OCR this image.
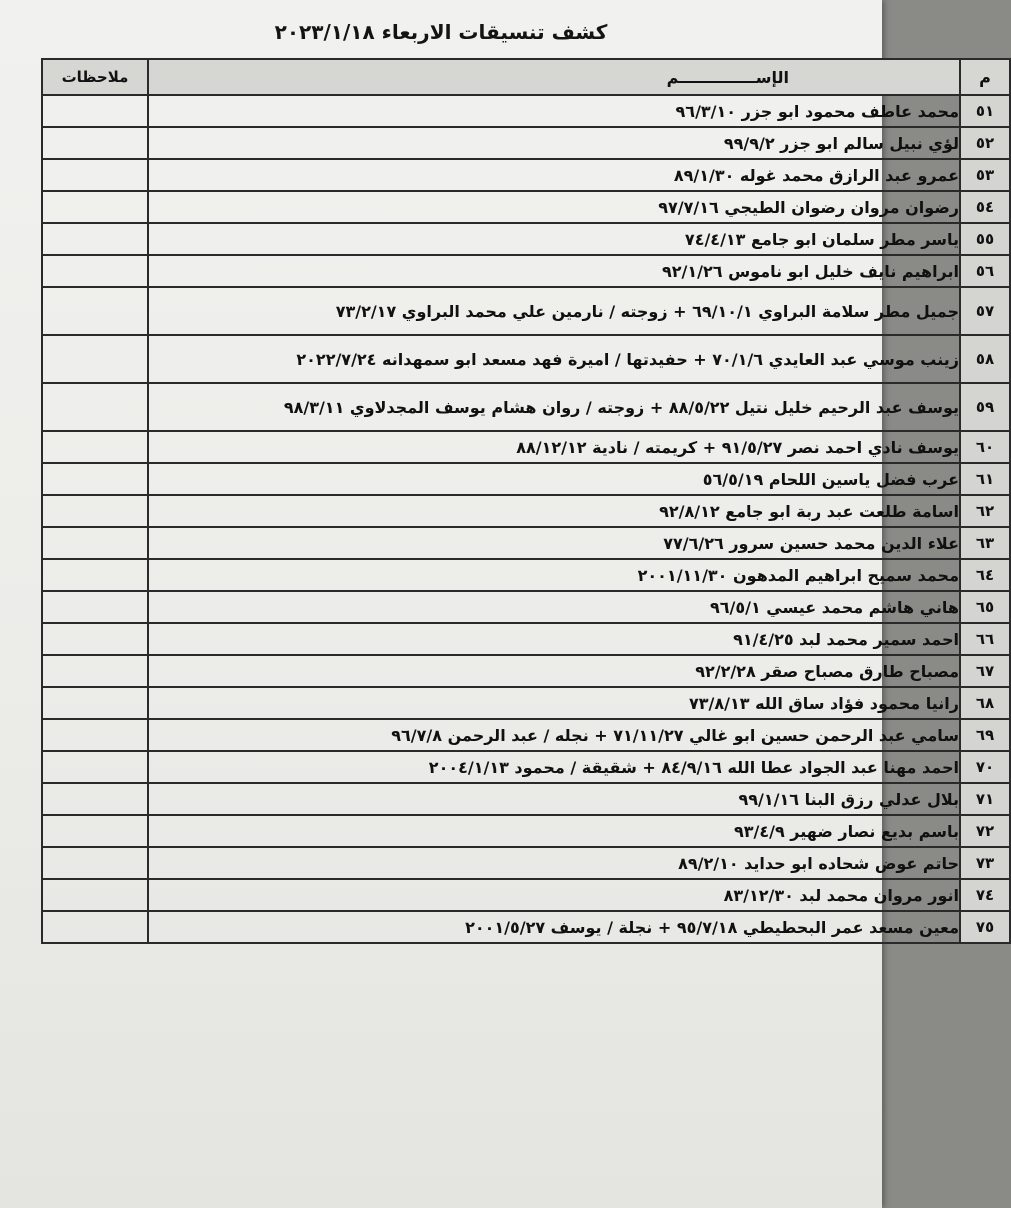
كشف تنسيقات الاربعاء ٢٠٢٣/١/١٨
م	الإســــــــــــــم	ملاحظات
٥١	محمد عاطف محمود ابو جزر ٩٦/٣/١٠	
٥٢	لؤي نبيل سالم ابو جزر ٩٩/٩/٢	
٥٣	عمرو عبد الرازق محمد غوله ٨٩/١/٣٠	
٥٤	رضوان مروان رضوان الطيجي ٩٧/٧/١٦	
٥٥	ياسر مطر سلمان ابو جامع ٧٤/٤/١٣	
٥٦	ابراهيم نايف خليل ابو ناموس ٩٢/١/٢٦	
٥٧	جميل مطر سلامة البراوي ٦٩/١٠/١ + زوجته / نارمين علي محمد البراوي ٧٣/٢/١٧	
٥٨	زينب موسي عبد العايدي ٧٠/١/٦ + حفيدتها / اميرة فهد مسعد ابو سمهدانه ٢٠٢٢/٧/٢٤	
٥٩	يوسف عبد الرحيم خليل نتيل ٨٨/٥/٢٢ + زوجته / روان هشام يوسف المجدلاوي ٩٨/٣/١١	
٦٠	يوسف نادي احمد نصر ٩١/٥/٢٧ + كريمته / نادية ٨٨/١٢/١٢	
٦١	عرب فضل ياسين اللحام ٥٦/٥/١٩	
٦٢	اسامة طلعت عبد ربة ابو جامع ٩٢/٨/١٢	
٦٣	علاء الدين محمد حسين سرور ٧٧/٦/٢٦	
٦٤	محمد سميح ابراهيم المدهون ٢٠٠١/١١/٣٠	
٦٥	هاني هاشم محمد عيسي ٩٦/٥/١	
٦٦	احمد سمير محمد لبد ٩١/٤/٢٥	
٦٧	مصباح طارق مصباح صقر ٩٢/٢/٢٨	
٦٨	رانيا محمود فؤاد ساق الله ٧٣/٨/١٣	
٦٩	سامي عبد الرحمن حسين ابو غالي ٧١/١١/٢٧ + نجله / عبد الرحمن ٩٦/٧/٨	
٧٠	احمد مهنا عبد الجواد عطا الله ٨٤/٩/١٦ + شقيقة / محمود ٢٠٠٤/١/١٣	
٧١	بلال عدلي رزق البنا ٩٩/١/١٦	
٧٢	باسم بديع نصار ضهير ٩٣/٤/٩	
٧٣	حاتم عوض شحاده ابو حدايد ٨٩/٢/١٠	
٧٤	انور مروان محمد لبد ٨٣/١٢/٣٠	
٧٥	معين مسعد عمر البحطيطي ٩٥/٧/١٨ + نجلة / يوسف ٢٠٠١/٥/٢٧	
